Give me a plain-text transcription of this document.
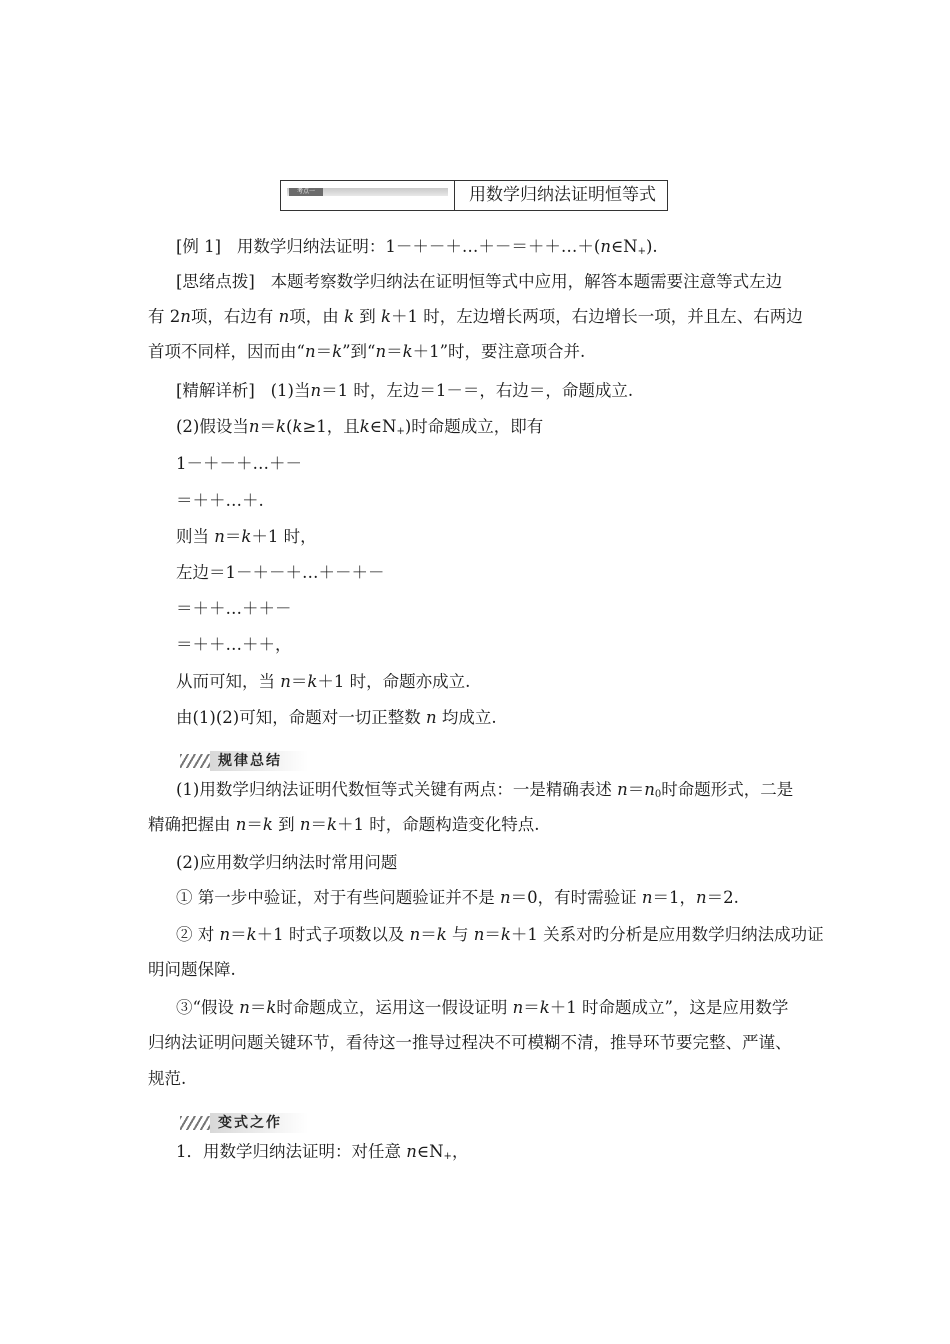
考点一	用数学归纳法证明恒等式
[例 1] 用数学归纳法证明：$1-+-+\dots+-=++\dots+(n\in N_+)$.
[思绪点拨] 本题考察数学归纳法在证明恒等式中应用，解答本题需要注意等式左边
有 2n项，右边有 n项，由 k 到 k＋1 时，左边增长两项，右边增长一项，并且左、右两边
首项不同样，因而由“n＝k”到“n＝k＋1”时，要注意项合并.
[精解详析] (1)当n＝1 时，左边＝1－＝，右边＝，命题成立.
(2)假设当n＝k(k≥1，且$k\in N_+$)时命题成立，即有
1－＋－＋…＋－
＝＋＋…＋.
则当 n＝k＋1 时，
左边＝1－＋－＋…＋－＋－
＝＋＋…＋＋－
＝＋＋…＋＋，
从而可知，当 n＝k＋1 时，命题亦成立.
由(1)(2)可知，命题对一切正整数 n 均成立.
规律总结
(1)用数学归纳法证明代数恒等式关键有两点：一是精确表述 $n=n_0$时命题形式，二是
精确把握由 n＝k 到 n＝k＋1 时，命题构造变化特点.
(2)应用数学归纳法时常用问题
① 第一步中验证，对于有些问题验证并不是 n＝0，有时需验证 n＝1，n＝2.
② 对 n＝k＋1 时式子项数以及 n＝k 与 n＝k＋1 关系对旳分析是应用数学归纳法成功证
明问题保障.
③“假设 n＝k时命题成立，运用这一假设证明 n＝k＋1 时命题成立”，这是应用数学
归纳法证明问题关键环节，看待这一推导过程决不可模糊不清，推导环节要完整、严谨、
规范.
变式之作
1．用数学归纳法证明：对任意 $n\in N_+$，
